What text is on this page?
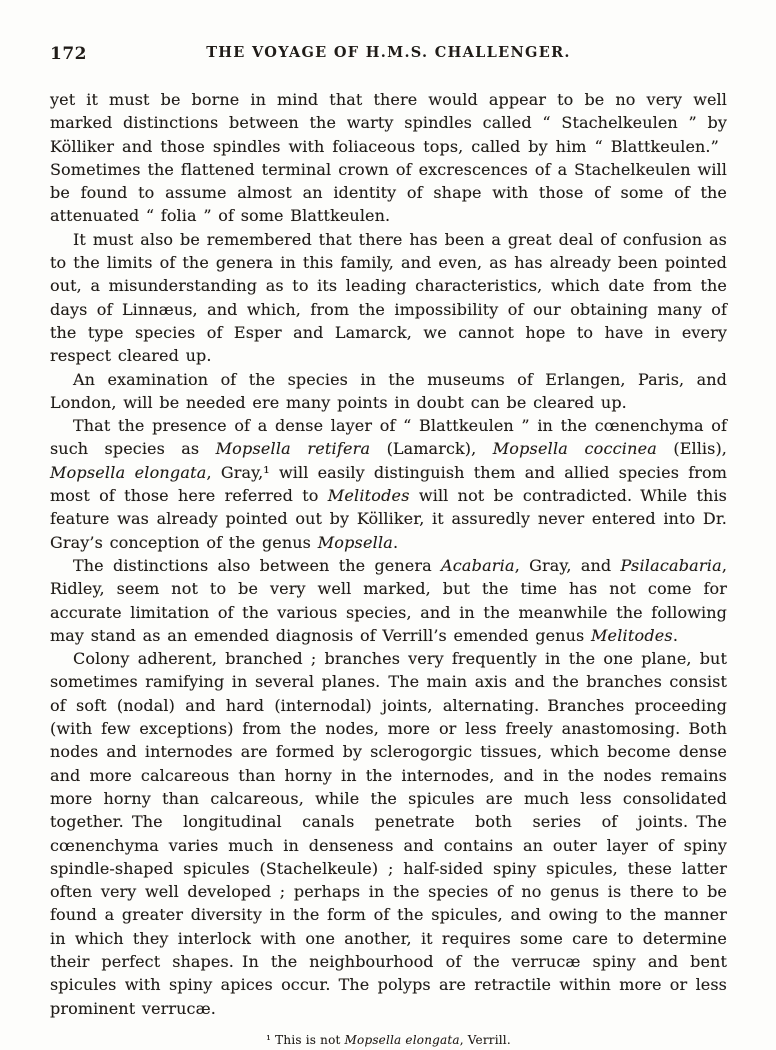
172	THE VOYAGE OF H.M.S. CHALLENGER.

yet it must be borne in mind that there would appear to be no very well marked distinctions between the warty spindles called “ Stachelkeulen ” by Kölliker and those spindles with foliaceous tops, called by him “ Blattkeulen.” Sometimes the flattened terminal crown of excrescences of a Stachelkeulen will be found to assume almost an identity of shape with those of some of the attenuated “ folia ” of some Blattkeulen.

It must also be remembered that there has been a great deal of confusion as to the limits of the genera in this family, and even, as has already been pointed out, a misunderstanding as to its leading characteristics, which date from the days of Linnæus, and which, from the impossibility of our obtaining many of the type species of Esper and Lamarck, we cannot hope to have in every respect cleared up.

An examination of the species in the museums of Erlangen, Paris, and London, will be needed ere many points in doubt can be cleared up.

That the presence of a dense layer of “ Blattkeulen ” in the cœnenchyma of such species as Mopsella retifera (Lamarck), Mopsella coccinea (Ellis), Mopsella elongata, Gray,¹ will easily distinguish them and allied species from most of those here referred to Melitodes will not be contradicted. While this feature was already pointed out by Kölliker, it assuredly never entered into Dr. Gray’s conception of the genus Mopsella.

The distinctions also between the genera Acabaria, Gray, and Psilacabaria, Ridley, seem not to be very well marked, but the time has not come for accurate limitation of the various species, and in the meanwhile the following may stand as an emended diagnosis of Verrill’s emended genus Melitodes.

Colony adherent, branched ; branches very frequently in the one plane, but sometimes ramifying in several planes. The main axis and the branches consist of soft (nodal) and hard (internodal) joints, alternating. Branches proceeding (with few exceptions) from the nodes, more or less freely anastomosing. Both nodes and internodes are formed by sclerogorgic tissues, which become dense and more calcareous than horny in the internodes, and in the nodes remains more horny than calcareous, while the spicules are much less consolidated together. The longitudinal canals penetrate both series of joints. The cœnenchyma varies much in denseness and contains an outer layer of spiny spindle-shaped spicules (Stachelkeule) ; half-sided spiny spicules, these latter often very well developed ; perhaps in the species of no genus is there to be found a greater diversity in the form of the spicules, and owing to the manner in which they interlock with one another, it requires some care to determine their perfect shapes. In the neighbourhood of the verrucæ spiny and bent spicules with spiny apices occur. The polyps are retractile within more or less prominent verrucæ.

¹ This is not Mopsella elongata, Verrill.
